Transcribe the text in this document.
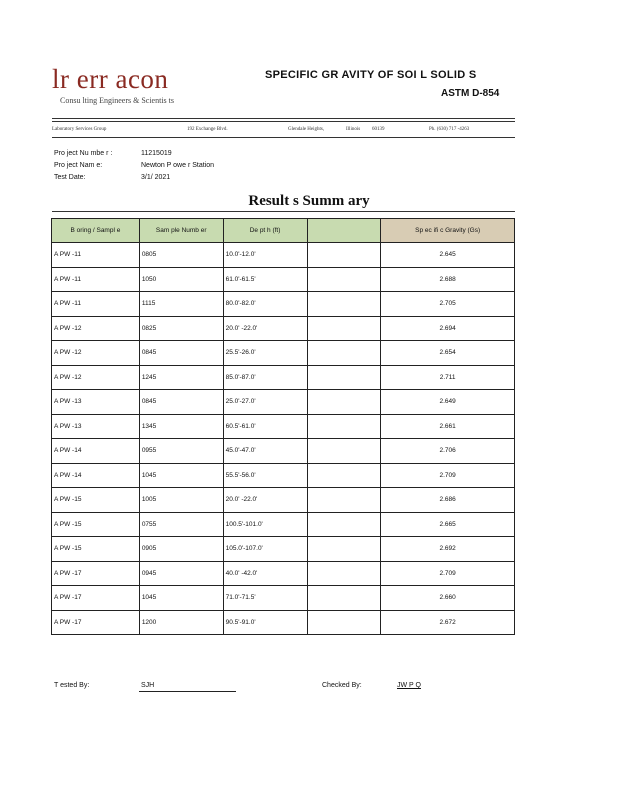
lr err acon
Consu lting Engineers & Scientis ts
SPECIFIC GR AVITY OF SOI L SOLID S
ASTM D-854
Laboratory Services Group	192 Exchange Blvd.	Glendale Heights,	Illinois 60139	Ph. (630) 717 -4263
Pro ject Nu mbe r :	11215019
Pro ject Nam e:	Newton P owe r Station
Test Date:	3/1/ 2021
Result s Summ ary
B oring / Sampl e	Sam ple Numb er	De pt h (ft)		Sp ec ifi c Gravity (Gs)
A PW -11	0805	10.0'-12.0'		2.645
A PW -11	1050	61.0'-61.5'		2.688
A PW -11	1115	80.0'-82.0'		2.705
A PW -12	0825	20.0' -22.0'		2.694
A PW -12	0845	25.5'-26.0'		2.654
A PW -12	1245	85.0'-87.0'		2.711
A PW -13	0845	25.0'-27.0'		2.649
A PW -13	1345	60.5'-61.0'		2.661
A PW -14	0955	45.0'-47.0'		2.706
A PW -14	1045	55.5'-56.0'		2.709
A PW -15	1005	20.0' -22.0'		2.686
A PW -15	0755	100.5'-101.0'		2.665
A PW -15	0905	105.0'-107.0'		2.692
A PW -17	0945	40.0' -42.0'		2.709
A PW -17	1045	71.0'-71.5'		2.660
A PW -17	1200	90.5'-91.0'		2.672
T ested By:	SJH	Checked By:	JW P Q
